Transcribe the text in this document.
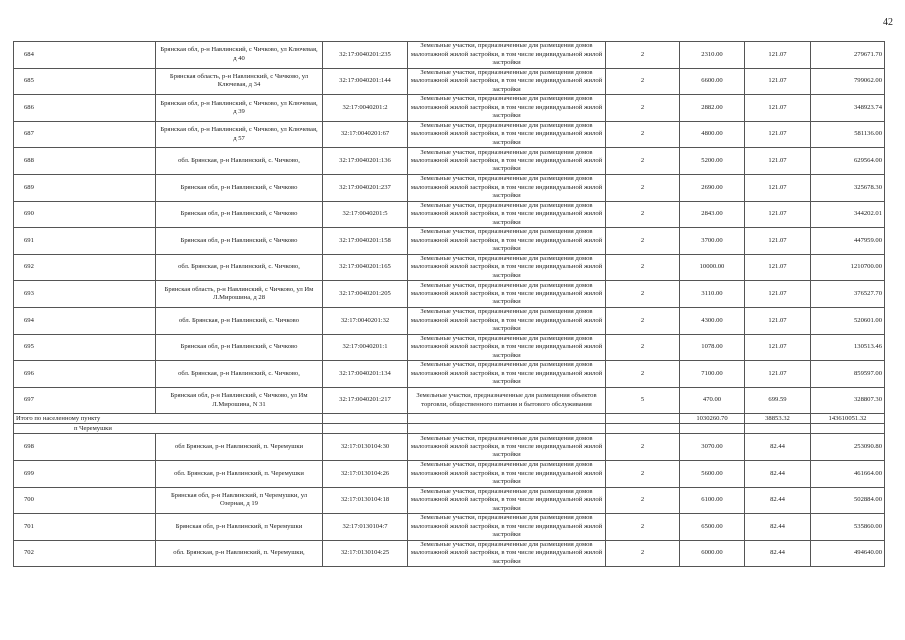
42
684	Брянская обл, р-н Навлинский, с Чичково, ул Ключевая, д 40	32:17:0040201:235	Земельные участки, предназначенные для размещения домов малоэтажной жилой застройки, в том числе индивидуальной жилой застройки	2	2310.00	121.07	279671.70
685	Брянская область, р-н Навлинский, с Чичково, ул Ключевая, д 34	32:17:0040201:144	Земельные участки, предназначенные для размещения домов малоэтажной жилой застройки, в том числе индивидуальной жилой застройки	2	6600.00	121.07	799062.00
686	Брянская обл, р-н Навлинский, с Чичково, ул Ключевая, д 39	32:17:0040201:2	Земельные участки, предназначенные для размещения домов малоэтажной жилой застройки, в том числе индивидуальной жилой застройки	2	2882.00	121.07	348923.74
687	Брянская обл, р-н Навлинский, с Чичково, ул Ключевая, д 57	32:17:0040201:67	Земельные участки, предназначенные для размещения домов малоэтажной жилой застройки, в том числе индивидуальной жилой застройки	2	4800.00	121.07	581136.00
688	обл. Брянская, р-н Навлинский, с. Чичково,	32:17:0040201:136	Земельные участки, предназначенные для размещения домов малоэтажной жилой застройки, в том числе индивидуальной жилой застройки	2	5200.00	121.07	629564.00
689	Брянская обл, р-н Навлинский, с Чичково	32:17:0040201:237	Земельные участки, предназначенные для размещения домов малоэтажной жилой застройки, в том числе индивидуальной жилой застройки	2	2690.00	121.07	325678.30
690	Брянская обл, р-н Навлинский, с Чичково	32:17:0040201:5	Земельные участки, предназначенные для размещения домов малоэтажной жилой застройки, в том числе индивидуальной жилой застройки	2	2843.00	121.07	344202.01
691	Брянская обл, р-н Навлинский, с Чичково	32:17:0040201:158	Земельные участки, предназначенные для размещения домов малоэтажной жилой застройки, в том числе индивидуальной жилой застройки	2	3700.00	121.07	447959.00
692	обл. Брянская, р-н Навлинский, с. Чичково,	32:17:0040201:165	Земельные участки, предназначенные для размещения домов малоэтажной жилой застройки, в том числе индивидуальной жилой застройки	2	10000.00	121.07	1210700.00
693	Брянская область, р-н Навлинский, с Чичково, ул Им Л.Мирошина, д 28	32:17:0040201:205	Земельные участки, предназначенные для размещения домов малоэтажной жилой застройки, в том числе индивидуальной жилой застройки	2	3110.00	121.07	376527.70
694	обл. Брянская, р-н Навлинский, с. Чичково	32:17:0040201:32	Земельные участки, предназначенные для размещения домов малоэтажной жилой застройки, в том числе индивидуальной жилой застройки	2	4300.00	121.07	520601.00
695	Брянская обл, р-н Навлинский, с Чичково	32:17:0040201:1	Земельные участки, предназначенные для размещения домов малоэтажной жилой застройки, в том числе индивидуальной жилой застройки	2	1078.00	121.07	130513.46
696	обл. Брянская, р-н Навлинский, с. Чичково,	32:17:0040201:134	Земельные участки, предназначенные для размещения домов малоэтажной жилой застройки, в том числе индивидуальной жилой застройки	2	7100.00	121.07	859597.00
697	Брянская обл, р-н Навлинский, с Чичково, ул Им Л.Мирошина, N 31	32:17:0040201:217	Земельные участки, предназначенные для размещения объектов торговли, общественного питания и бытового обслуживания	5	470.00	699.59	328807.30
Итого по населенному пункту					1030260.70	38853.32	143610051.32
п Черемушки							
698	обл Брянская, р-н Навлинский, п. Черемушки	32:17:0130104:30	Земельные участки, предназначенные для размещения домов малоэтажной жилой застройки, в том числе индивидуальной жилой застройки	2	3070.00	82.44	253090.80
699	обл. Брянская, р-н Навлинский, п. Черемушки	32:17:0130104:26	Земельные участки, предназначенные для размещения домов малоэтажной жилой застройки, в том числе индивидуальной жилой застройки	2	5600.00	82.44	461664.00
700	Брянская обл, р-н Навлинский, п Черемушки, ул Озерная, д 19	32:17:0130104:18	Земельные участки, предназначенные для размещения домов малоэтажной жилой застройки, в том числе индивидуальной жилой застройки	2	6100.00	82.44	502884.00
701	Брянская обл, р-н Навлинский, п Черемушки	32:17:0130104:7	Земельные участки, предназначенные для размещения домов малоэтажной жилой застройки, в том числе индивидуальной жилой застройки	2	6500.00	82.44	535860.00
702	обл. Брянская, р-н Навлинский, п. Черемушки,	32:17:0130104:25	Земельные участки, предназначенные для размещения домов малоэтажной жилой застройки, в том числе индивидуальной жилой застройки	2	6000.00	82.44	494640.00
